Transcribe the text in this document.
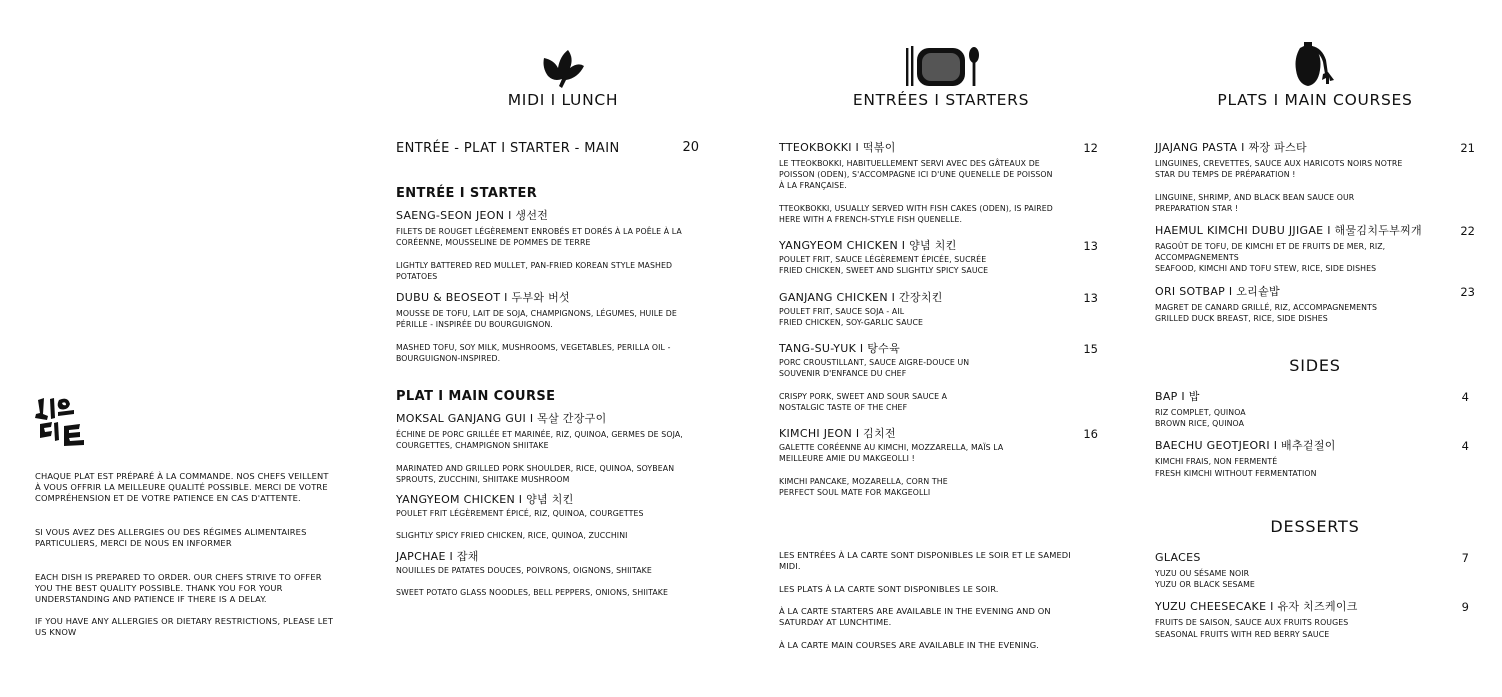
CHAQUE PLAT EST PRÉPARÉ À LA COMMANDE. NOS CHEFS VEILLENT À VOUS OFFRIR LA MEILLEURE QUALITÉ POSSIBLE. MERCI DE VOTRE COMPRÉHENSION ET DE VOTRE PATIENCE EN CAS D'ATTENTE.
SI VOUS AVEZ DES ALLERGIES OU DES RÉGIMES ALIMENTAIRES PARTICULIERS, MERCI DE NOUS EN INFORMER
EACH DISH IS PREPARED TO ORDER. OUR CHEFS STRIVE TO OFFER YOU THE BEST QUALITY POSSIBLE. THANK YOU FOR YOUR UNDERSTANDING AND PATIENCE IF THERE IS A DELAY.
IF YOU HAVE ANY ALLERGIES OR DIETARY RESTRICTIONS, PLEASE LET US KNOW
MIDI I LUNCH
ENTRÉE - PLAT I STARTER - MAIN	20
ENTRÉE I STARTER
SAENG-SEON JEON I 생선전
FILETS DE ROUGET LÉGÈREMENT ENROBÉS ET DORÉS À LA POÊLE À LA CORÉENNE, MOUSSELINE DE POMMES DE TERRE
LIGHTLY BATTERED RED MULLET, PAN-FRIED KOREAN STYLE MASHED POTATOES
DUBU & BEOSEOT I 두부와 버섯
MOUSSE DE TOFU, LAIT DE SOJA, CHAMPIGNONS, LÉGUMES, HUILE DE PÉRILLE - INSPIRÉE DU BOURGUIGNON.
MASHED TOFU, SOY MILK, MUSHROOMS, VEGETABLES, PERILLA OIL - BOURGUIGNON-INSPIRED.
PLAT I MAIN COURSE
MOKSAL GANJANG GUI I 목살 간장구이
ÉCHINE DE PORC GRILLÉE ET MARINÉE, RIZ, QUINOA, GERMES DE SOJA, COURGETTES, CHAMPIGNON SHIITAKE
MARINATED AND GRILLED PORK SHOULDER, RICE, QUINOA, SOYBEAN SPROUTS, ZUCCHINI, SHIITAKE MUSHROOM
YANGYEOM CHICKEN I 양념 치킨
POULET FRIT LÉGÈREMENT ÉPICÉ, RIZ, QUINOA, COURGETTES
SLIGHTLY SPICY FRIED CHICKEN, RICE, QUINOA, ZUCCHINI
JAPCHAE I 잡채
NOUILLES DE PATATES DOUCES, POIVRONS, OIGNONS, SHIITAKE
SWEET POTATO GLASS NOODLES, BELL PEPPERS, ONIONS, SHIITAKE
ENTRÉES I STARTERS
TTEOKBOKKI I 떡볶이	12
LE TTEOKBOKKI, HABITUELLEMENT SERVI AVEC DES GÂTEAUX DE POISSON (ODEN), S'ACCOMPAGNE ICI D'UNE QUENELLE DE POISSON À LA FRANÇAISE.
TTEOKBOKKI, USUALLY SERVED WITH FISH CAKES (ODEN), IS PAIRED HERE WITH A FRENCH-STYLE FISH QUENELLE.
YANGYEOM CHICKEN I 양념 치킨	13
POULET FRIT, SAUCE LÉGÈREMENT ÉPICÉE, SUCRÉE
FRIED CHICKEN, SWEET AND SLIGHTLY SPICY SAUCE
GANJANG CHICKEN I 간장치킨	13
POULET FRIT, SAUCE SOJA - AIL
FRIED CHICKEN, SOY-GARLIC SAUCE
TANG-SU-YUK I 탕수육	15
PORC CROUSTILLANT, SAUCE AIGRE-DOUCE UN SOUVENIR D'ENFANCE DU CHEF
CRISPY PORK, SWEET AND SOUR SAUCE A NOSTALGIC TASTE OF THE CHEF
KIMCHI JEON I 김치전	16
GALETTE CORÉENNE AU KIMCHI, MOZZARELLA, MAÏS LA MEILLEURE AMIE DU MAKGEOLLI !
KIMCHI PANCAKE, MOZARELLA, CORN THE PERFECT SOUL MATE FOR MAKGEOLLI
LES ENTRÉES À LA CARTE SONT DISPONIBLES LE SOIR ET LE SAMEDI MIDI.
LES PLATS À LA CARTE SONT DISPONIBLES LE SOIR.
À LA CARTE STARTERS ARE AVAILABLE IN THE EVENING AND ON SATURDAY AT LUNCHTIME.
À LA CARTE MAIN COURSES ARE AVAILABLE IN THE EVENING.
PLATS I MAIN COURSES
JJAJANG PASTA I 짜장 파스타	21
LINGUINES, CREVETTES, SAUCE AUX HARICOTS NOIRS NOTRE STAR DU TEMPS DE PRÉPARATION !
LINGUINE, SHRIMP, AND BLACK BEAN SAUCE OUR PREPARATION STAR !
HAEMUL KIMCHI DUBU JJIGAE I 해물김치두부찌개	22
RAGOÛT DE TOFU, DE KIMCHI ET DE FRUITS DE MER, RIZ, ACCOMPAGNEMENTS
SEAFOOD, KIMCHI AND TOFU STEW, RICE, SIDE DISHES
ORI SOTBAP I 오리솥밥	23
MAGRET DE CANARD GRILLÉ, RIZ, ACCOMPAGNEMENTS
GRILLED DUCK BREAST, RICE, SIDE DISHES
SIDES
BAP I 밥	4
RIZ COMPLET, QUINOA
BROWN RICE, QUINOA
BAECHU GEOTJEORI I 배추겉절이	4
KIMCHI FRAIS, NON FERMENTÉ
FRESH KIMCHI WITHOUT FERMENTATION
DESSERTS
GLACES	7
YUZU OU SÉSAME NOIR
YUZU OR BLACK SESAME
YUZU CHEESECAKE I 유자 치즈케이크	9
FRUITS DE SAISON, SAUCE AUX FRUITS ROUGES
SEASONAL FRUITS WITH RED BERRY SAUCE
